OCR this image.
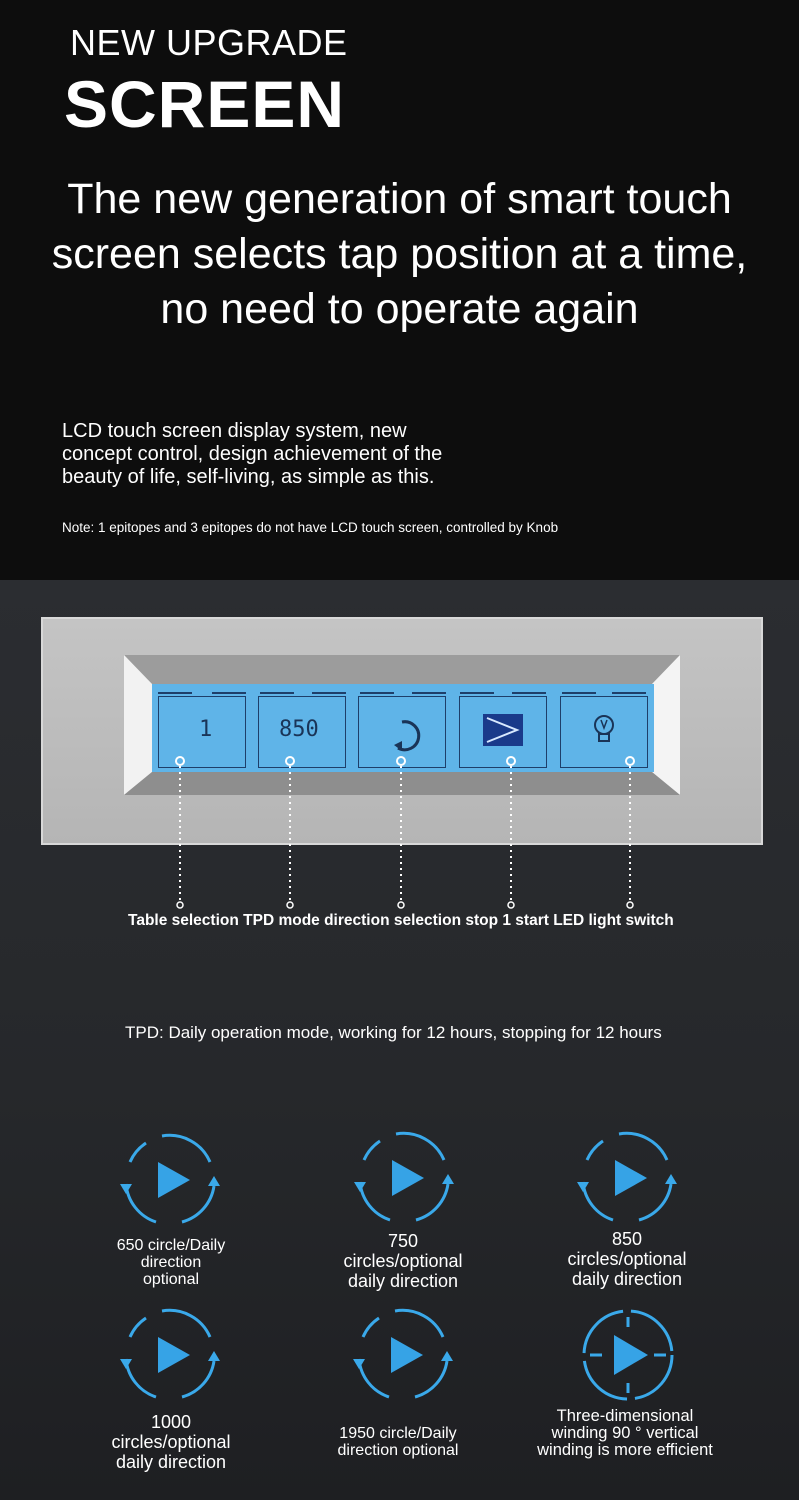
NEW UPGRADE
SCREEN
The new generation of smart touch
screen selects tap position at a time,
no need to operate again
LCD touch screen display system, new
concept control, design achievement of the
beauty of life, self-living, as simple as this.
Note: 1 epitopes and 3 epitopes do not have LCD touch screen, controlled by Knob
1	850
Table selection TPD mode direction selection stop 1 start LED light switch
TPD: Daily operation mode, working for 12 hours, stopping for 12 hours
650 circle/Daily
direction
optional
750
circles/optional
daily direction
850
circles/optional
daily direction
1000
circles/optional
daily direction
1950 circle/Daily
direction optional
Three-dimensional
winding 90 ° vertical
winding is more efficient
